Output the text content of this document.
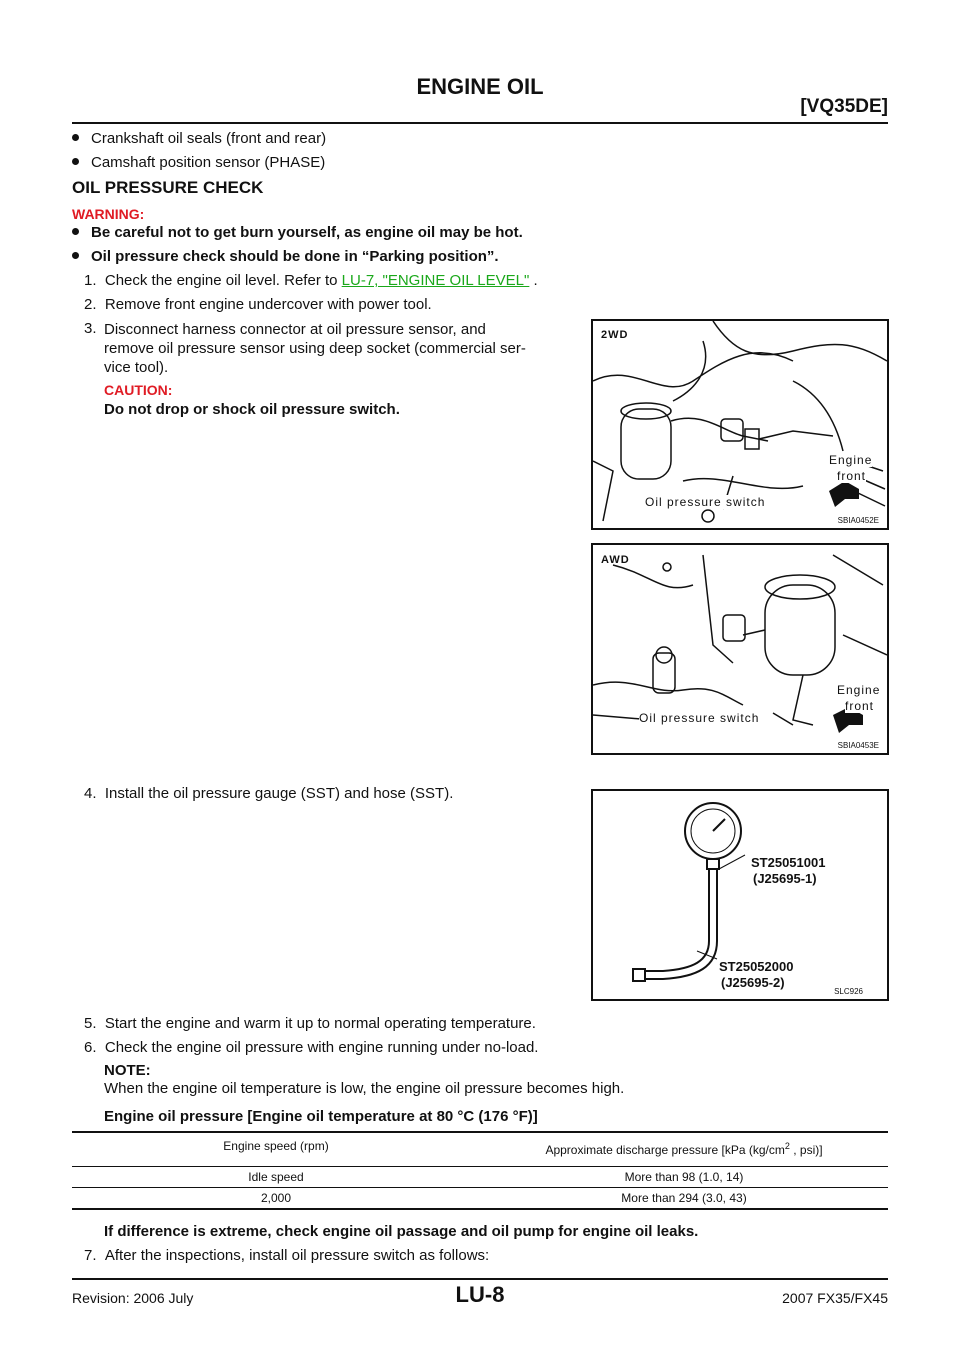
ENGINE OIL
[VQ35DE]
Crankshaft oil seals (front and rear)
Camshaft position sensor (PHASE)
OIL PRESSURE CHECK
WARNING:
Be careful not to get burn yourself, as engine oil may be hot.
Oil pressure check should be done in “Parking position”.
1. Check the engine oil level. Refer to LU-7, "ENGINE OIL LEVEL" .
2. Remove front engine undercover with power tool.
3. Disconnect harness connector at oil pressure sensor, and
remove oil pressure sensor using deep socket (commercial ser-
vice tool).
CAUTION:
Do not drop or shock oil pressure switch.
2WD
Engine
front
Oil pressure switch
SBIA0452E
AWD
Engine
front
Oil pressure switch
SBIA0453E
4. Install the oil pressure gauge (SST) and hose (SST).
ST25051001
(J25695-1)
ST25052000
(J25695-2)
SLC926
5. Start the engine and warm it up to normal operating temperature.
6. Check the engine oil pressure with engine running under no-load.
NOTE:
When the engine oil temperature is low, the engine oil pressure becomes high.
Engine oil pressure [Engine oil temperature at 80 °C (176 °F)]
Engine speed (rpm)	Approximate discharge pressure [kPa ($kg/cm^2$ , psi)]
Idle speed	More than 98 (1.0, 14)
2,000	More than 294 (3.0, 43)
If difference is extreme, check engine oil passage and oil pump for engine oil leaks.
7. After the inspections, install oil pressure switch as follows:
Revision: 2006 July	LU-8	2007 FX35/FX45
